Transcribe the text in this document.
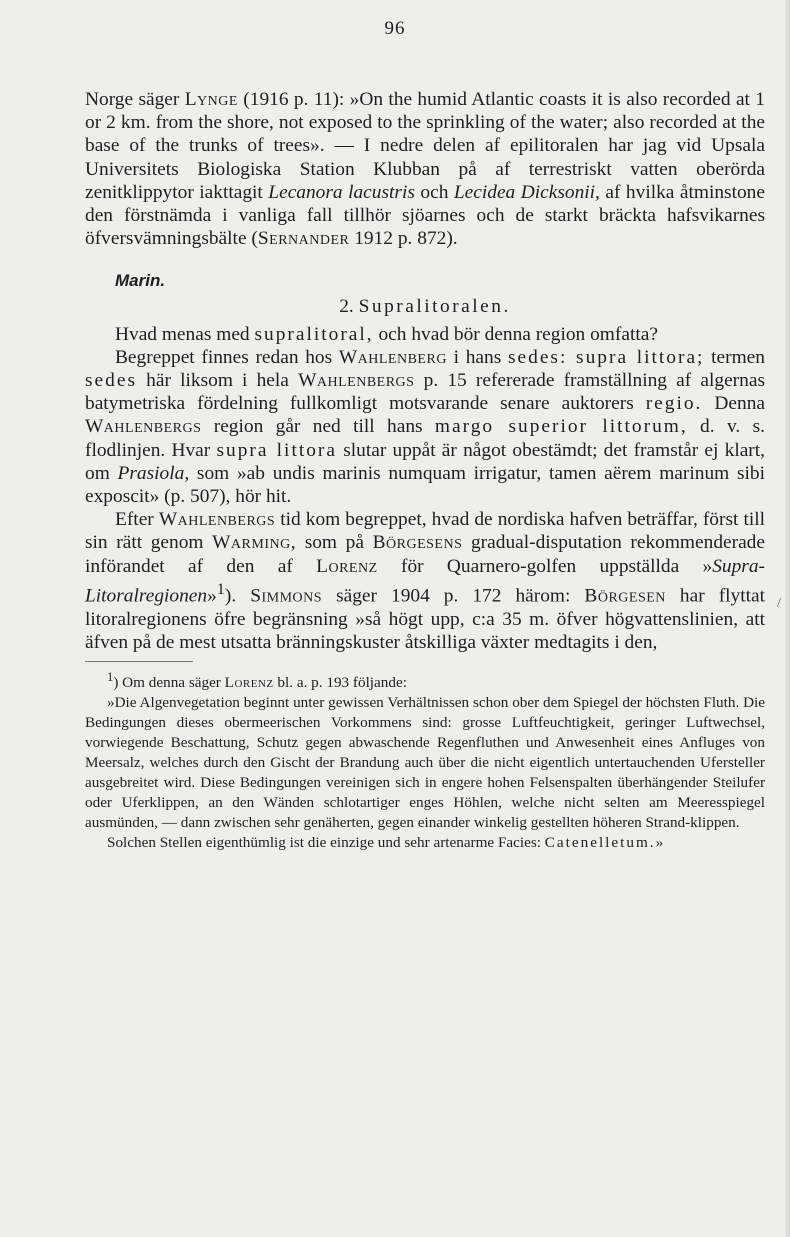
96

Norge säger Lynge (1916 p. 11): »On the humid Atlantic coasts it is also recorded at 1 or 2 km. from the shore, not exposed to the sprinkling of the water; also recorded at the base of the trunks of trees». — I nedre delen af epilitoralen har jag vid Upsala Universitets Biologiska Station Klubban på af terrestriskt vatten oberörda zenitklippytor iakttagit Lecanora lacustris och Lecidea Dicksonii, af hvilka åtminstone den förstnämda i vanliga fall tillhör sjöarnes och de starkt bräckta hafsvikarnes öfversvämningsbälte (Sernander 1912 p. 872).

Marin.
2. Supralitoralen.

Hvad menas med supralitoral, och hvad bör denna region omfatta?

Begreppet finnes redan hos Wahlenberg i hans sedes: supra littora; termen sedes här liksom i hela Wahlenbergs p. 15 refererade framställning af algernas batymetriska fördelning fullkomligt motsvarande senare auktorers regio. Denna Wahlenbergs region går ned till hans margo superior littorum, d. v. s. flodlinjen. Hvar supra littora slutar uppåt är något obestämdt; det framstår ej klart, om Prasiola, som »ab undis marinis numquam irrigatur, tamen aërem marinum sibi exposcit» (p. 507), hör hit.

Efter Wahlenbergs tid kom begreppet, hvad de nordiska hafven beträffar, först till sin rätt genom Warming, som på Börgesens gradual-disputation rekommenderade införandet af den af Lorenz för Quarnero-golfen uppställda »Supra-Litoralregionen»$^1$). Simmons säger 1904 p. 172 härom: Börgesen har flyttat litoralregionens öfre begränsning »så högt upp, c:a 35 m. öfver högvattenslinien, att äfven på de mest utsatta bränningskuster åtskilliga växter medtagits i den,

$^1$) Om denna säger Lorenz bl. a. p. 193 följande:

»Die Algenvegetation beginnt unter gewissen Verhältnissen schon ober dem Spiegel der höchsten Fluth. Die Bedingungen dieses obermeerischen Vorkommens sind: grosse Luftfeuchtigkeit, geringer Luftwechsel, vorwiegende Beschattung, Schutz gegen abwaschende Regenfluthen und Anwesenheit eines Anfluges von Meersalz, welches durch den Gischt der Brandung auch über die nicht eigentlich untertauchenden Ufersteller ausgebreitet wird. Diese Bedingungen vereinigen sich in engere hohen Felsenspalten überhängender Steilufer oder Uferklippen, an den Wänden schlotartiger enges Höhlen, welche nicht selten am Meeresspiegel ausmünden, — dann zwischen sehr genäherten, gegen einander winkelig gestellten höheren Strand-klippen.

Solchen Stellen eigenthümlig ist die einzige und sehr artenarme Facies: Catenelletum.»

/
